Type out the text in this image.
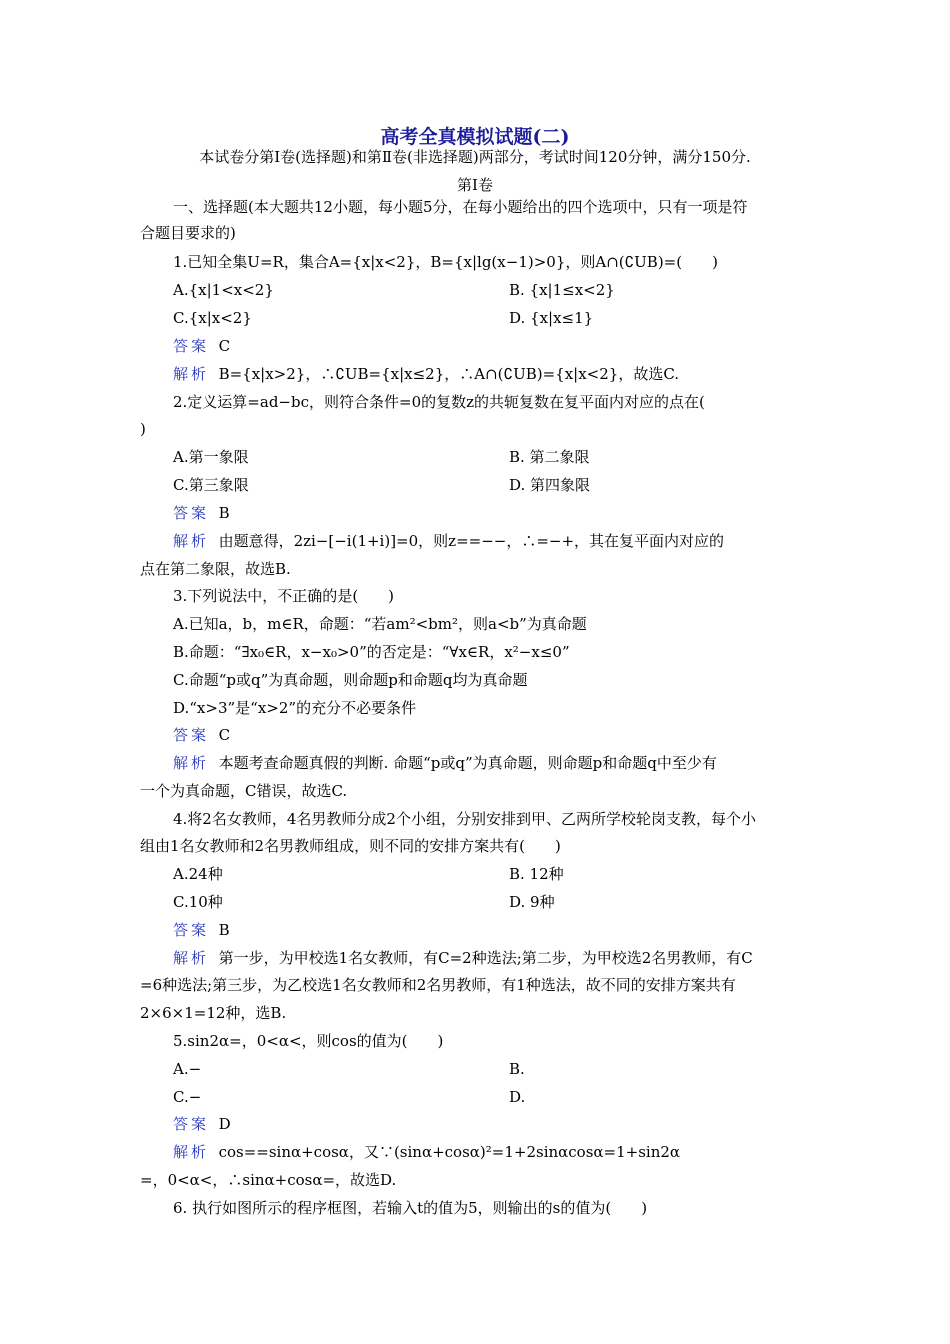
高考全真模拟试题(二)
本试卷分第Ⅰ卷(选择题)和第Ⅱ卷(非选择题)两部分，考试时间120分钟，满分150分.
第Ⅰ卷
一、选择题(本大题共12小题，每小题5分，在每小题给出的四个选项中，只有一项是符
合题目要求的)
1.已知全集U=R，集合A={x|x<2}，B={x|lg(x−1)>0}，则A∩(∁UB)=(　　)
A.{x|1<x<2}	B. {x|1≤x<2}
C.{x|x<2}	D. {x|x≤1}
答案 C
解析 B={x|x>2}，∴∁UB={x|x≤2}，∴A∩(∁UB)={x|x<2}，故选C.
2.定义运算=ad−bc，则符合条件=0的复数z的共轭复数在复平面内对应的点在(
)
A.第一象限	B. 第二象限
C.第三象限	D. 第四象限
答案 B
解析 由题意得，2zi−[−i(1+i)]=0，则z==−−，∴=−+，其在复平面内对应的
点在第二象限，故选B.
3.下列说法中，不正确的是(　　)
A.已知a，b，m∈R，命题：“若am²<bm²，则a<b”为真命题
B.命题：“∃x₀∈R，x−x₀>0”的否定是：“∀x∈R，x²−x≤0”
C.命题“p或q”为真命题，则命题p和命题q均为真命题
D.“x>3”是“x>2”的充分不必要条件
答案 C
解析 本题考查命题真假的判断. 命题“p或q”为真命题，则命题p和命题q中至少有
一个为真命题，C错误，故选C.
4.将2名女教师，4名男教师分成2个小组，分别安排到甲、乙两所学校轮岗支教，每个小
组由1名女教师和2名男教师组成，则不同的安排方案共有(　　)
A.24种	B. 12种
C.10种	D. 9种
答案 B
解析 第一步，为甲校选1名女教师，有C=2种选法;第二步，为甲校选2名男教师，有C
=6种选法;第三步，为乙校选1名女教师和2名男教师，有1种选法，故不同的安排方案共有
2×6×1=12种，选B.
5.sin2α=，0<α<，则cos的值为(　　)
A.−	B.
C.−	D.
答案 D
解析 cos==sinα+cosα，又∵(sinα+cosα)²=1+2sinαcosα=1+sin2α
=，0<α<，∴sinα+cosα=，故选D.
6. 执行如图所示的程序框图，若输入t的值为5，则输出的s的值为(　　)
